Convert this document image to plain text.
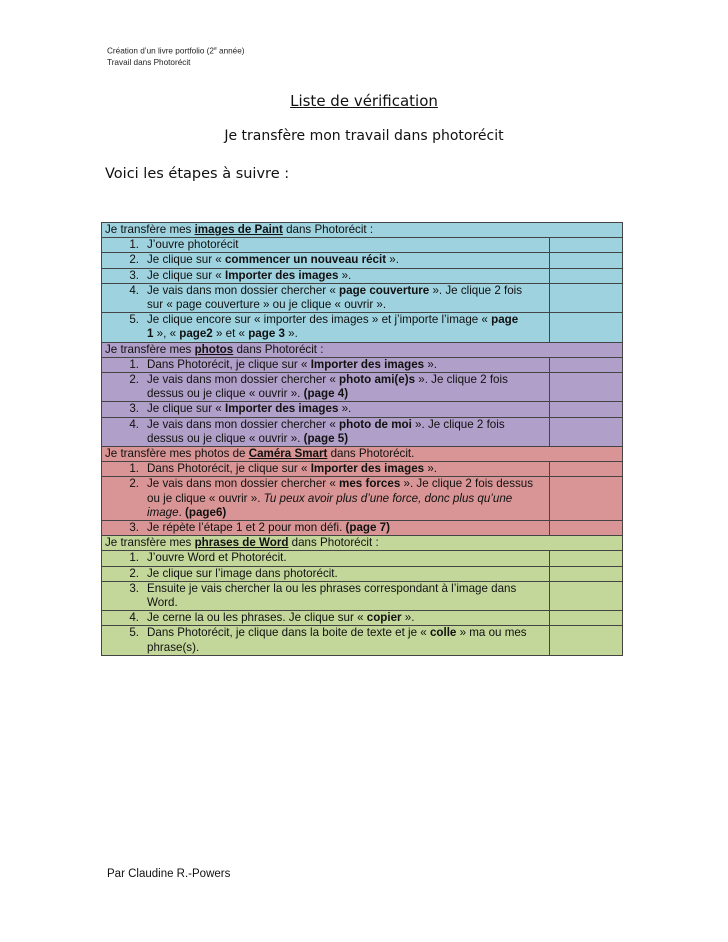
Création d’un livre portfolio (2e année)
Travail dans Photorécit
Liste de vérification
Je transfère mon travail dans photorécit
Voici les étapes à suivre :
Je transfère mes images de Paint dans Photorécit :	

1. J’ouvre photorécit	

2. Je clique sur « commencer un nouveau récit ».	

3. Je clique sur « Importer des images ».	

4. Je vais dans mon dossier chercher « page couverture ». Je clique 2 fois
sur « page couverture » ou je clique « ouvrir ».	

5. Je clique encore sur « importer des images » et j’importe l’image « page
1 », « page2 » et « page 3 ».	

Je transfère mes photos dans Photorécit :	

1. Dans Photorécit, je clique sur « Importer des images ».	

2. Je vais dans mon dossier chercher « photo ami(e)s ». Je clique 2 fois
dessus ou je clique « ouvrir ». (page 4)	

3. Je clique sur « Importer des images ».	

4. Je vais dans mon dossier chercher « photo de moi ». Je clique 2 fois
dessus ou je clique « ouvrir ». (page 5)	

Je transfère mes photos de Caméra Smart dans Photorécit.	

1. Dans Photorécit, je clique sur « Importer des images ».	

2. Je vais dans mon dossier chercher « mes forces ». Je clique 2 fois dessus
ou je clique « ouvrir ». Tu peux avoir plus d’une force, donc plus qu’une
image. (page6)	

3. Je répète l’étape 1 et 2 pour mon défi. (page 7)	

Je transfère mes phrases de Word dans Photorécit :	

1. J’ouvre Word et Photorécit.	

2. Je clique sur l’image dans photorécit.	

3. Ensuite je vais chercher la ou les phrases correspondant à l’image dans
Word.	

4. Je cerne la ou les phrases. Je clique sur « copier ».	

5. Dans Photorécit, je clique dans la boite de texte et je « colle » ma ou mes
phrase(s).	

Par Claudine R.-Powers
